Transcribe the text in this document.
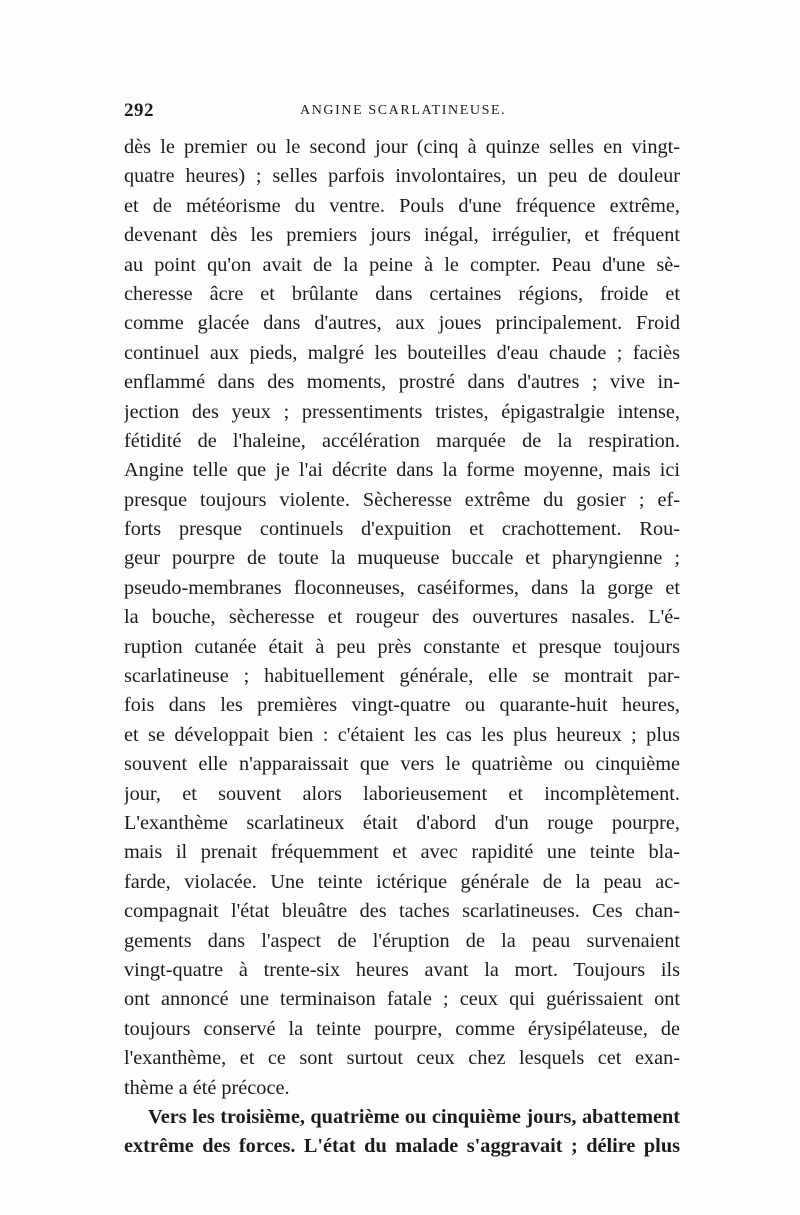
292	ANGINE SCARLATINEUSE.
dès le premier ou le second jour (cinq à quinze selles en vingt-
quatre heures) ; selles parfois involontaires, un peu de douleur
et de météorisme du ventre. Pouls d'une fréquence extrême,
devenant dès les premiers jours inégal, irrégulier, et fréquent
au point qu'on avait de la peine à le compter. Peau d'une sè-
cheresse âcre et brûlante dans certaines régions, froide et
comme glacée dans d'autres, aux joues principalement. Froid
continuel aux pieds, malgré les bouteilles d'eau chaude ; faciès
enflammé dans des moments, prostré dans d'autres ; vive in-
jection des yeux ; pressentiments tristes, épigastralgie intense,
fétidité de l'haleine, accélération marquée de la respiration.
Angine telle que je l'ai décrite dans la forme moyenne, mais ici
presque toujours violente. Sècheresse extrême du gosier ; ef-
forts presque continuels d'expuition et crachottement. Rou-
geur pourpre de toute la muqueuse buccale et pharyngienne ;
pseudo-membranes floconneuses, caséiformes, dans la gorge et
la bouche, sècheresse et rougeur des ouvertures nasales. L'é-
ruption cutanée était à peu près constante et presque toujours
scarlatineuse ; habituellement générale, elle se montrait par-
fois dans les premières vingt-quatre ou quarante-huit heures,
et se développait bien : c'étaient les cas les plus heureux ; plus
souvent elle n'apparaissait que vers le quatrième ou cinquième
jour, et souvent alors laborieusement et incomplètement.
L'exanthème scarlatineux était d'abord d'un rouge pourpre,
mais il prenait fréquemment et avec rapidité une teinte bla-
farde, violacée. Une teinte ictérique générale de la peau ac-
compagnait l'état bleuâtre des taches scarlatineuses. Ces chan-
gements dans l'aspect de l'éruption de la peau survenaient
vingt-quatre à trente-six heures avant la mort. Toujours ils
ont annoncé une terminaison fatale ; ceux qui guérissaient ont
toujours conservé la teinte pourpre, comme érysipélateuse, de
l'exanthème, et ce sont surtout ceux chez lesquels cet exan-
thème a été précoce.
Vers les troisième, quatrième ou cinquième jours, abattement
extrême des forces. L'état du malade s'aggravait ; délire plus
